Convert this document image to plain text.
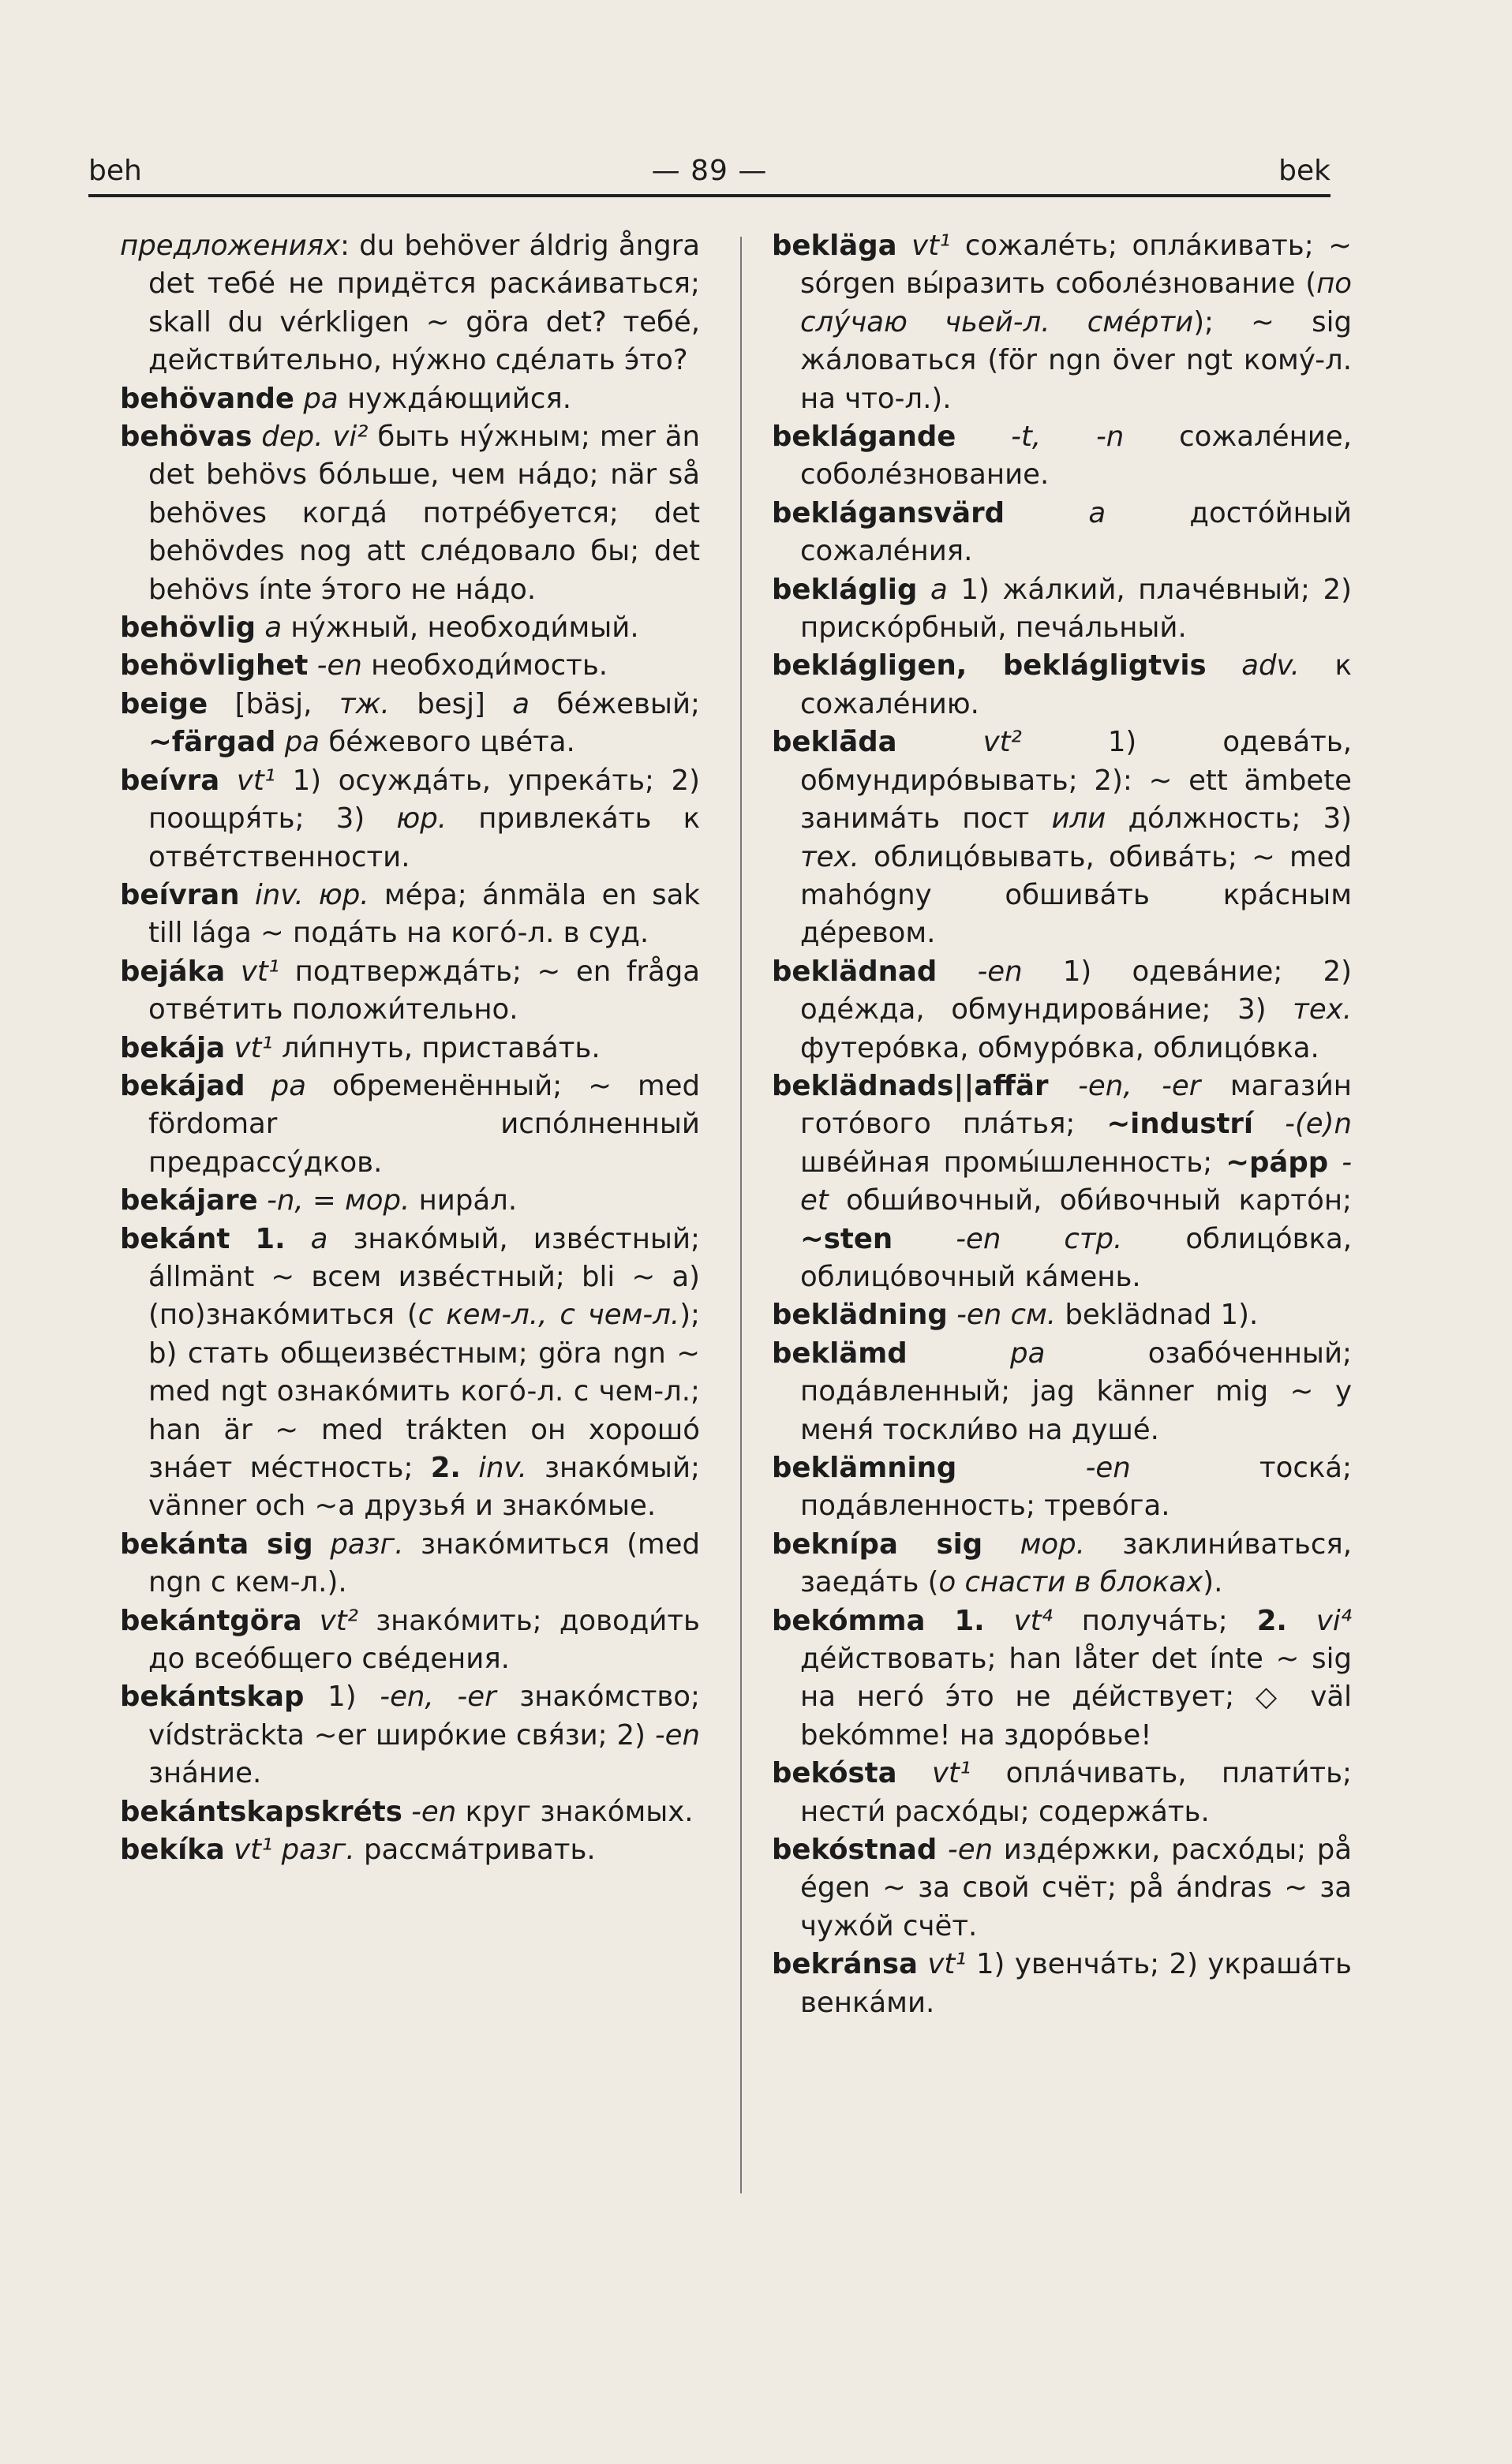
beh	— 89 —	bek

предложениях: du behöver áldrig ångra det тебé не придётся раскáиваться; skall du vérkligen ~ göra det? тебé, действи́тельно, нýжно сдéлать э́то?

behövande pa нуждáющийся.

behövas dep. vi² быть нýжным; mer än det behövs бóльше, чем нáдо; när så behöves когдá потрéбуется; det behövdes nog att слéдовало бы; det behövs ínte э́того не нáдо.

behövlig a нýжный, необходи́мый.

behövlighet -en необходи́мость.

beige [bäsj, тж. besj] a бéжевый; ~färgad pa бéжевого цвéта.

beívra vt¹ 1) осуждáть, упрекáть; 2) поощря́ть; 3) юр. привлекáть к отвéтственности.

beívran inv. юр. мéра; ánmäla en sak till lága ~ подáть на когó-л. в суд.

bejáka vt¹ подтверждáть; ~ en fråga отвéтить положи́тельно.

bekája vt¹ ли́пнуть, приставáть.

bekájad pa обременённый; ~ med fördomar испóлненный предрассýдков.

bekájare -n, = мор. нирáл.

bekánt 1. a знакóмый, извéстный; állmänt ~ всем извéстный; bli ~ a) (по)знакóмиться (с кем-л., с чем-л.); b) стать общеизвéстным; göra ngn ~ med ngt ознакóмить когó-л. с чем-л.; han är ~ med trákten он хорошó знáет мéстность; 2. inv. знакóмый; vänner och ~a друзья́ и знакóмые.

bekánta sig разг. знакóмиться (med ngn с кем-л.).

bekántgöra vt² знакóмить; доводи́ть до всеóбщего свéдения.

bekántskap 1) -en, -er знакóмство; vídsträckta ~er широ́кие свя́зи; 2) -en знáние.

bekántskapskréts -en круг знакóмых.

bekíka vt¹ разг. рассмáтривать.

bekläga vt¹ сожалéть; оплáкивать; ~ sórgen вы́разить соболéзнование (по слу́чаю чьей-л. смéрти); ~ sig жáловаться (för ngn över ngt комý-л. на что-л.).

beklágande -t, -n сожалéние, соболéзнование.

beklágansvärd	a достóйный сожалéния.

bekláglig a 1) жáлкий, плачéвный; 2) прискóрбный, печáльный.

beklágligen, beklágligtvis adv. к сожалéнию.

beklä̈da	vt² 1) одевáть, обмундирóвывать; 2): ~ ett ämbete занимáть пост или дóлжность; 3) тех. облицóвывать, обивáть; ~ med mahógny обшивáть крáсным дéревом.

beklädnad -en 1) одевáние; 2) одéжда, обмундировáние; 3) тех. футерóвка, обмурóвка, облицóвка.

beklädnads||affär -en, -er магази́н готóвого плáтья; ~industrí -(e)n швéйная промы́шленность; ~pápp -et обши́вочный, оби́вочный картóн; ~sten -en стр. облицóвка, облицóвочный кáмень.

beklädning -en см. beklädnad 1).

beklämd	pa озабóченный; подáвленный; jag känner mig ~ у меня́ тоскли́во на душé.

beklämning	-en тоскá; подáвленность; тревóга.

beknípa sig мор. заклини́ваться, заедáть (о снасти в блоках).

bekómma 1. vt⁴ получáть; 2. vi⁴ дéйствовать; han låter det ínte ~ sig на негó э́то не дéйствует; ◇ väl bekómme! на здорóвье!

bekósta vt¹ оплáчивать, плати́ть; нести́ расхóды; содержáть.

bekóstnad -en издéржки, расхóды; på égen ~ за свой счёт; på ándras ~ за чужóй счёт.

bekránsa vt¹ 1) увенчáть; 2) украшáть венкáми.
